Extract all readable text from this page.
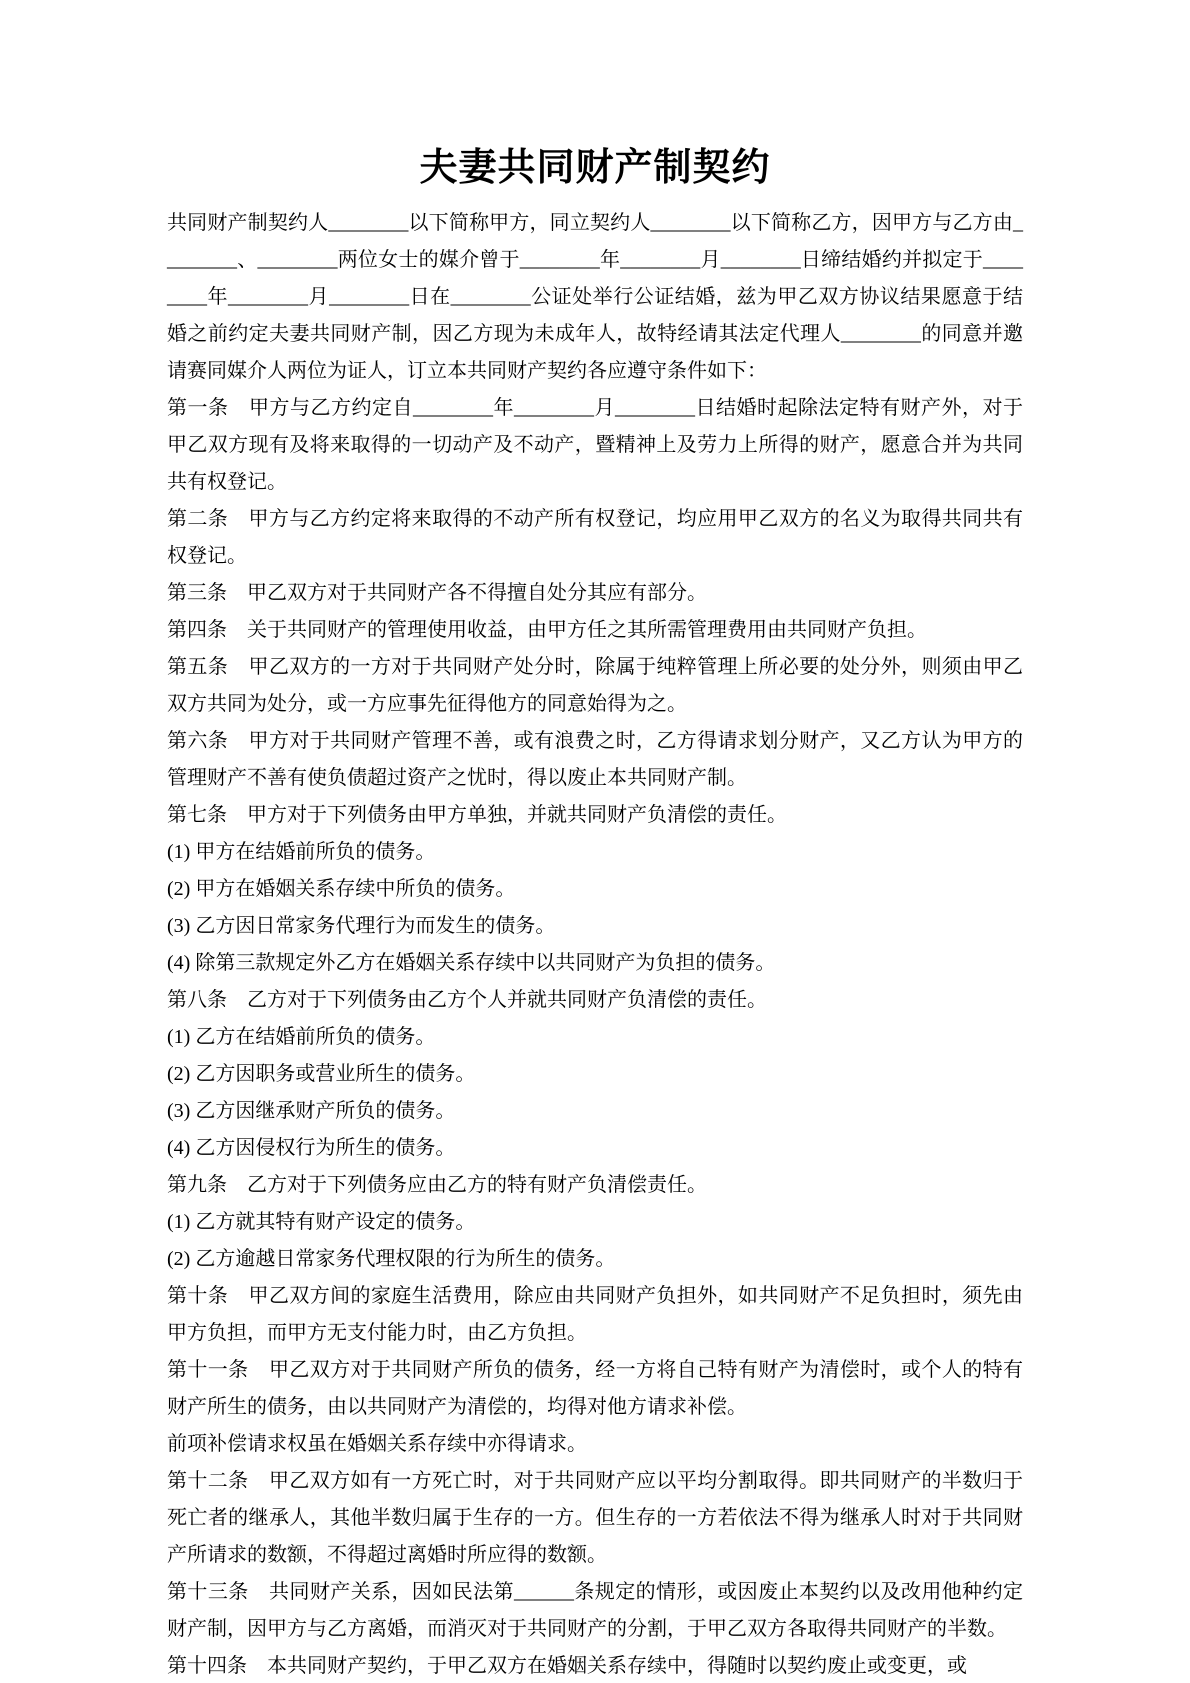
夫妻共同财产制契约

共同财产制契约人________以下简称甲方，同立契约人________以下简称乙方，因甲方与乙方由________、________两位女士的媒介曾于________年________月________日缔结婚约并拟定于________年________月________日在________公证处举行公证结婚，兹为甲乙双方协议结果愿意于结婚之前约定夫妻共同财产制，因乙方现为未成年人，故特经请其法定代理人________的同意并邀请赛同媒介人两位为证人，订立本共同财产契约各应遵守条件如下：

第一条　甲方与乙方约定自________年________月________日结婚时起除法定特有财产外，对于甲乙双方现有及将来取得的一切动产及不动产，暨精神上及劳力上所得的财产，愿意合并为共同共有权登记。

第二条　甲方与乙方约定将来取得的不动产所有权登记，均应用甲乙双方的名义为取得共同共有权登记。

第三条　甲乙双方对于共同财产各不得擅自处分其应有部分。

第四条　关于共同财产的管理使用收益，由甲方任之其所需管理费用由共同财产负担。

第五条　甲乙双方的一方对于共同财产处分时，除属于纯粹管理上所必要的处分外，则须由甲乙双方共同为处分，或一方应事先征得他方的同意始得为之。

第六条　甲方对于共同财产管理不善，或有浪费之时，乙方得请求划分财产，又乙方认为甲方的管理财产不善有使负债超过资产之忧时，得以废止本共同财产制。

第七条　甲方对于下列债务由甲方单独，并就共同财产负清偿的责任。

(1) 甲方在结婚前所负的债务。

(2) 甲方在婚姻关系存续中所负的债务。

(3) 乙方因日常家务代理行为而发生的债务。

(4) 除第三款规定外乙方在婚姻关系存续中以共同财产为负担的债务。

第八条　乙方对于下列债务由乙方个人并就共同财产负清偿的责任。

(1) 乙方在结婚前所负的债务。

(2) 乙方因职务或营业所生的债务。

(3) 乙方因继承财产所负的债务。

(4) 乙方因侵权行为所生的债务。

第九条　乙方对于下列债务应由乙方的特有财产负清偿责任。

(1) 乙方就其特有财产设定的债务。

(2) 乙方逾越日常家务代理权限的行为所生的债务。

第十条　甲乙双方间的家庭生活费用，除应由共同财产负担外，如共同财产不足负担时，须先由甲方负担，而甲方无支付能力时，由乙方负担。

第十一条　甲乙双方对于共同财产所负的债务，经一方将自己特有财产为清偿时，或个人的特有财产所生的债务，由以共同财产为清偿的，均得对他方请求补偿。

前项补偿请求权虽在婚姻关系存续中亦得请求。

第十二条　甲乙双方如有一方死亡时，对于共同财产应以平均分割取得。即共同财产的半数归于死亡者的继承人，其他半数归属于生存的一方。但生存的一方若依法不得为继承人时对于共同财产所请求的数额，不得超过离婚时所应得的数额。

第十三条　共同财产关系，因如民法第______条规定的情形，或因废止本契约以及改用他种约定财产制，因甲方与乙方离婚，而消灭对于共同财产的分割，于甲乙双方各取得共同财产的半数。

第十四条　本共同财产契约，于甲乙双方在婚姻关系存续中，得随时以契约废止或变更，或
